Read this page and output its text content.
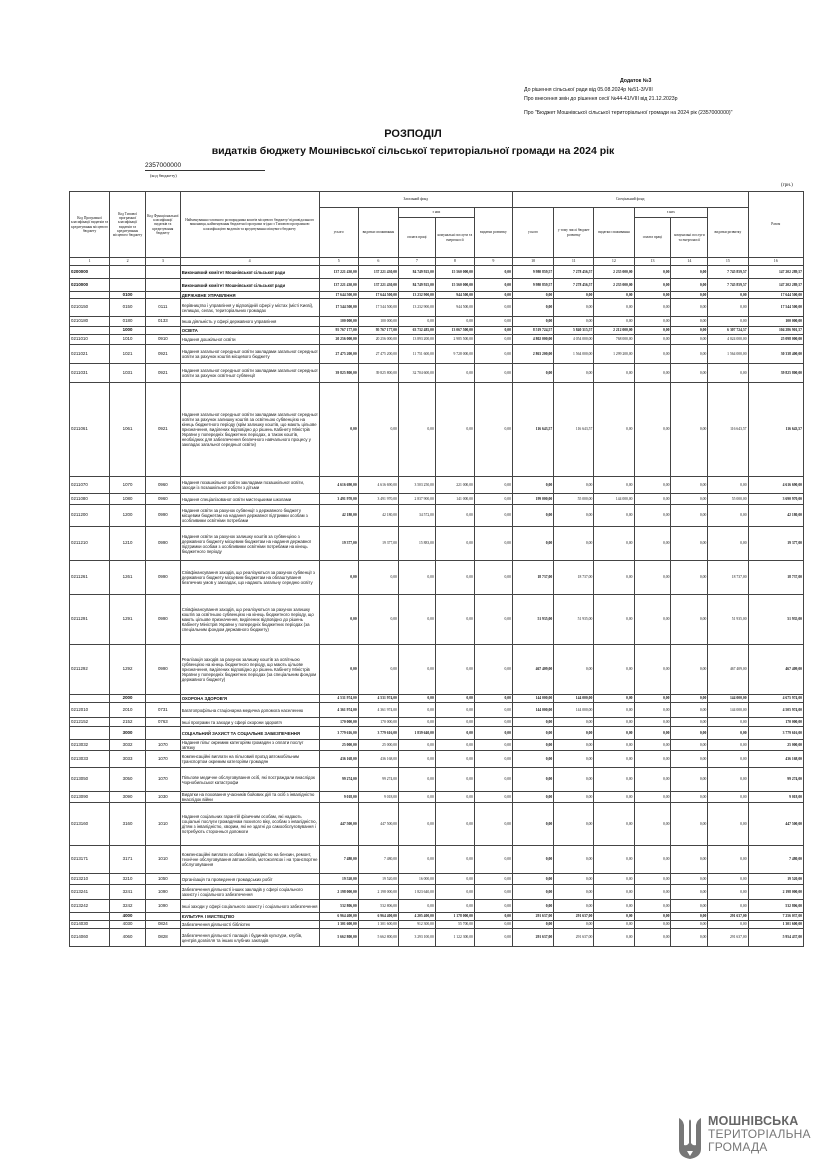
Додаток №3
До рішення сільської ради від 05.08.2024р №51-3/VIII
Про внесення змін до рішення сесії №44-41/VIII від 21.12.2023р
Про "Бюджет Мошнівської сільської територіальної громади на 2024 рік (2357000000)"
РОЗПОДІЛ
видатків бюджету Мошнівської сільської територіальної громади на 2024 рік
2357000000
(код бюджету)
(грн.)
Код Програмної класифікації видатків та кредитування місцевого бюджету	Код Типової програмної класифікації видатків та кредитування місцевого бюджету	Код Функціональної класифікації видатків та кредитування бюджету	Найменування головного розпорядника коштів місцевого бюджету/ відповідального виконавця, найменування бюджетної програми згідно з Типовою програмною класифікацією видатків та кредитування місцевого бюджету	Загальний фонд					Спеціальний фонд						Разом
				усього	видатки споживання	з них		видатки розвитку	усього	у тому числі бюджет розвитку	видатки споживання	з них		видатки розвитку	
						оплата праці	комунальні послуги та енергоносії					оплата праці	комунальні послуги та енергоносії		
1	2	3	4	5	6	7	8	9	10	11	12	13	14	15	16
0200000			Виконавчий комітет Мошнівської сільської ради	137 221 430,00	137 221 430,00	84 749 925,00	15 560 000,00	0,00	9 980 859,57	7 278 456,57	2 235 000,00	0,00	0,00	7 745 859,57	147 202 289,57
0210000			Виконавчий комітет Мошнівської сільської ради	137 221 430,00	137 221 430,00	84 749 925,00	15 560 000,00	0,00	9 980 859,57	7 278 456,57	2 235 000,00	0,00	0,00	7 745 859,57	147 202 289,57
	0100		ДЕРЖАВНЕ УПРАВЛІННЯ	17 644 500,00	17 644 500,00	13 232 900,00	944 500,00	0,00	0,00	0,00	0,00	0,00	0,00	0,00	17 644 500,00
0210150	0150	0111	Керівництво і управління у відповідній сфері у містах (місті Києві), селищах, селах, територіальних громадах	17 544 500,00	17 544 500,00	13 232 900,00	944 500,00	0,00	0,00	0,00	0,00	0,00	0,00	0,00	17 544 500,00
0210180	0180	0133	Інша діяльність у сфері державного управління	100 000,00	100 000,00	0,00	0,00	0,00	0,00	0,00	0,00	0,00	0,00	0,00	100 000,00
	1000		ОСВІТА	95 767 177,00	95 767 177,00	63 732 485,00	13 067 500,00	0,00	8 519 724,57	5 840 315,57	2 212 000,00	0,00	0,00	6 307 724,57	104 286 901,57
0211010	1010	0910	Надання дошкільної освіти	20 256 000,00	20 256 000,00	13 893 200,00	2 985 500,00	0,00	4 802 000,00	4 054 000,00	768 000,00	0,00	0,00	4 024 000,00	25 098 000,00
0211021	1021	0921	Надання загальної середньої освіти закладами загальної середньої освіти за рахунок коштів місцевого бюджету	27 475 200,00	27 475 200,00	11 751 600,00	9 728 000,00	0,00	2 863 200,00	1 564 000,00	1 299 200,00	0,00	0,00	1 564 000,00	30 338 400,00
0211031	1031	0921	Надання загальної середньої освіти закладами загальної середньої освіти за рахунок освітньої субвенції	39 825 800,00	39 825 800,00	32 704 600,00	0,00	0,00	0,00	0,00	0,00	0,00	0,00	0,00	39 825 800,00
0211061	1061	0921	Надання загальної середньої освіти закладами загальної середньої освіти за рахунок залишку коштів за освітньою субвенцією на кінець бюджетного періоду (крім залишку коштів, що мають цільове призначення, виділених відповідно до рішень Кабінету Міністрів України у попередніх бюджетних періодах, а також коштів, необхідних для забезпечення безпечного навчального процесу у закладах загальної середньої освіти)	0,00	0,00	0,00	0,00	0,00	116 643,57	116 643,57	0,00	0,00	0,00	116 643,57	116 643,57
0211070	1070	0960	Надання позашкільної освіти закладами позашкільної освіти, заходи із позашкільної роботи з дітьми	4 616 690,00	4 616 690,00	3 503 250,00	221 000,00	0,00	0,00	0,00	0,00	0,00	0,00	0,00	4 616 690,00
0211080	1080	0960	Надання спеціалізованої освіти мистецькими школами	3 491 970,00	3 491 970,00	2 837 900,00	141 000,00	0,00	199 000,00	55 000,00	144 000,00	0,00	0,00	55 000,00	3 690 970,00
0211200	1200	0990	Надання освіти за рахунок субвенції з державного бюджету місцевим бюджетам на надання державної підтримки особам з особливими освітніми потребами	42 180,00	42 180,00	34 572,00	0,00	0,00	0,00	0,00	0,00	0,00	0,00	0,00	42 180,00
0211210	1210	0990	Надання освіти за рахунок залишку коштів за субвенцією з державного бюджету місцевим бюджетам на надання державної підтримки особам з особливими освітніми потребами на кінець бюджетного періоду	19 377,00	19 377,00	15 883,00	0,00	0,00	0,00	0,00	0,00	0,00	0,00	0,00	19 377,00
0211261	1261	0990	Співфінансування заходів, що реалізуються за рахунок субвенції з державного бюджету місцевим бюджетам на облаштування безпечних умов у закладах, що надають загальну середню освіту	0,00	0,00	0,00	0,00	0,00	18 737,00	18 737,00	0,00	0,00	0,00	18 737,00	18 737,00
0211291	1291	0990	Співфінансування заходів, що реалізуються за рахунок залишку коштів за освітньою субвенцією на кінець бюджетного періоду, що мають цільове призначення, виділених відповідно до рішень Кабінету Міністрів України у попередніх бюджетних періодах (за спеціальним фондом державного бюджету)	0,00	0,00	0,00	0,00	0,00	51 935,00	51 935,00	0,00	0,00	0,00	51 935,00	51 935,00
0211292	1292	0990	Реалізація заходів за рахунок залишку коштів за освітньою субвенцією на кінець бюджетного періоду, що мають цільове призначення, виділених відповідно до рішень Кабінету Міністрів України у попередніх бюджетних періодах (за спеціальним фондом державного бюджету)	0,00	0,00	0,00	0,00	0,00	467 409,00	0,00	0,00	0,00	0,00	467 409,00	467 409,00
	2000		ОХОРОНА ЗДОРОВ'Я	4 531 974,00	4 531 974,00	0,00	0,00	0,00	144 000,00	144 000,00	0,00	0,00	0,00	144 000,00	4 675 974,00
0212010	2010	0731	Багатопрофільна стаціонарна медична допомога населенню	4 361 974,00	4 361 974,00	0,00	0,00	0,00	144 000,00	144 000,00	0,00	0,00	0,00	144 000,00	4 505 974,00
0212152	2152	0763	Інші програми та заходи у сфері охорони здоров'я	170 000,00	170 000,00	0,00	0,00	0,00	0,00	0,00	0,00	0,00	0,00	0,00	170 000,00
	3000		СОЦІАЛЬНИЙ ЗАХИСТ ТА СОЦІАЛЬНЕ ЗАБЕЗПЕЧЕННЯ	3 779 616,00	3 779 616,00	1 839 640,00	0,00	0,00	0,00	0,00	0,00	0,00	0,00	0,00	3 779 616,00
0213032	3032	1070	Надання пільг окремим категоріям громадян з оплати послуг зв'язку	25 000,00	25 000,00	0,00	0,00	0,00	0,00	0,00	0,00	0,00	0,00	0,00	25 000,00
0213033	3033	1070	Компенсаційні виплати на пільговий проїзд автомобільним транспортом окремим категоріям громадян	436 168,00	436 168,00	0,00	0,00	0,00	0,00	0,00	0,00	0,00	0,00	0,00	436 168,00
0213050	3050	1070	Пільгове медичне обслуговування осіб, які постраждали внаслідок Чорнобильської катастрофи	99 274,00	99 274,00	0,00	0,00	0,00	0,00	0,00	0,00	0,00	0,00	0,00	99 274,00
0213090	3090	1030	Видатки на поховання учасників бойових дій та осіб з інвалідністю внаслідок війни	9 018,00	9 018,00	0,00	0,00	0,00	0,00	0,00	0,00	0,00	0,00	0,00	9 018,00
0213160	3160	1010	Надання соціальних гарантій фізичним особам, які надають соціальні послуги громадянам похилого віку, особам з інвалідністю, дітям з інвалідністю, хворим, які не здатні до самообслуговування і потребують сторонньої допомоги	447 500,00	447 500,00	0,00	0,00	0,00	0,00	0,00	0,00	0,00	0,00	0,00	447 500,00
0213171	3171	1010	Компенсаційні виплати особам з інвалідністю на бензин, ремонт, технічне обслуговування автомобілів, мотоколясок і на транспортне обслуговування	7 480,00	7 480,00	0,00	0,00	0,00	0,00	0,00	0,00	0,00	0,00	0,00	7 480,00
0213210	3210	1050	Організація та проведення громадських робіт	19 520,00	19 520,00	16 000,00	0,00	0,00	0,00	0,00	0,00	0,00	0,00	0,00	19 520,00
0213241	3241	1090	Забезпечення діяльності інших закладів у сфері соціального захисту і соціального забезпечення	2 198 000,00	2 198 000,00	1 823 640,00	0,00	0,00	0,00	0,00	0,00	0,00	0,00	0,00	2 198 000,00
0213242	3242	1090	Інші заходи у сфері соціального захисту і соціального забезпечення	532 806,00	532 806,00	0,00	0,00	0,00	0,00	0,00	0,00	0,00	0,00	0,00	532 806,00
	4000		КУЛЬТУРА І МИСТЕЦТВО	6 964 400,00	6 964 400,00	4 205 400,00	1 178 000,00	0,00	291 637,00	291 637,00	0,00	0,00	0,00	291 637,00	7 256 037,00
0214030	4030	0824	Забезпечення діяльності бібліотек	1 301 600,00	1 301 600,00	912 300,00	55 700,00	0,00	0,00	0,00	0,00	0,00	0,00	0,00	1 301 600,00
0214060	4060	0828	Забезпечення діяльності палаців i будинків культури, клубів, центрів дозвілля та інших клубних закладів	5 662 800,00	5 662 800,00	3 293 100,00	1 122 300,00	0,00	291 637,00	291 637,00	0,00	0,00	0,00	291 637,00	5 954 437,00
МОШНІВСЬКА
ТЕРИТОРІАЛЬНА
ГРОМАДА
